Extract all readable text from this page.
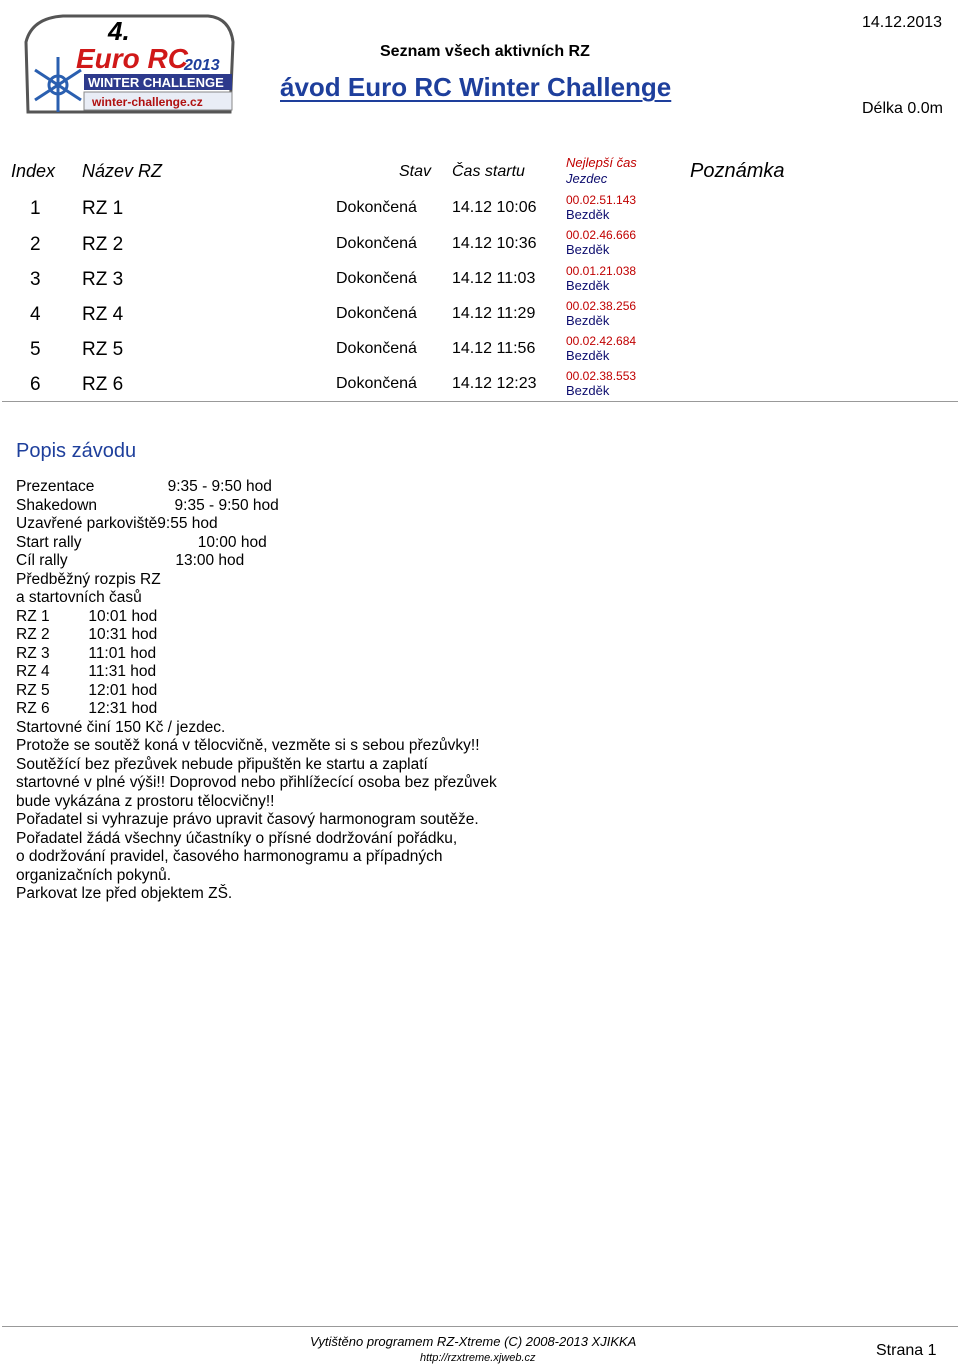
4.
Euro RC
2013
WINTER CHALLENGE
winter-challenge.cz
Seznam všech aktivních RZ
14.12.2013
ávod Euro RC Winter Challenge
Délka 0.0m
Index Název RZ	Stav Čas startu
Nejlepší čas
Jezdec	Poznámka
1 RZ 1	Dokončená 14.12 10:06 00.02.51.143
Bezděk
2 RZ 2	Dokončená 14.12 10:36 00.02.46.666
Bezděk
3 RZ 3	Dokončená 14.12 11:03	00.01.21.038
Bezděk
4 RZ 4	Dokončená 14.12 11:29	00.02.38.256
Bezděk
5 RZ 5	Dokončená 14.12 11:56	00.02.42.684
Bezděk
6 RZ 6	Dokončená 14.12 12:23 00.02.38.553
Bezděk
Popis závodu
Prezentace                 9:35 - 9:50 hod
Shakedown                  9:35 - 9:50 hod
Uzavřené parkoviště9:55 hod
Start rally                           10:00 hod
Cíl rally                         13:00 hod
Předběžný rozpis RZ
a startovních časů
RZ 1         10:01 hod
RZ 2         10:31 hod
RZ 3         11:01 hod
RZ 4         11:31 hod
RZ 5         12:01 hod
RZ 6         12:31 hod
Startovné činí 150 Kč / jezdec.
Protože se soutěž koná v tělocvičně, vezměte si s sebou přezůvky!!
Soutěžící bez přezůvek nebude připuštěn ke startu a zaplatí
startovné v plné výši!! Doprovod nebo přihlížecící osoba bez přezůvek
bude vykázána z prostoru tělocvičny!!
Pořadatel si vyhrazuje právo upravit časový harmonogram soutěže.
Pořadatel žádá všechny účastníky o přísné dodržování pořádku,
o dodržování pravidel, časového harmonogramu a případných
organizačních pokynů.
Parkovat lze před objektem ZŠ.
Vytištěno programem RZ-Xtreme (C) 2008-2013 XJIKKA
http://rzxtreme.xjweb.cz	Strana 1
